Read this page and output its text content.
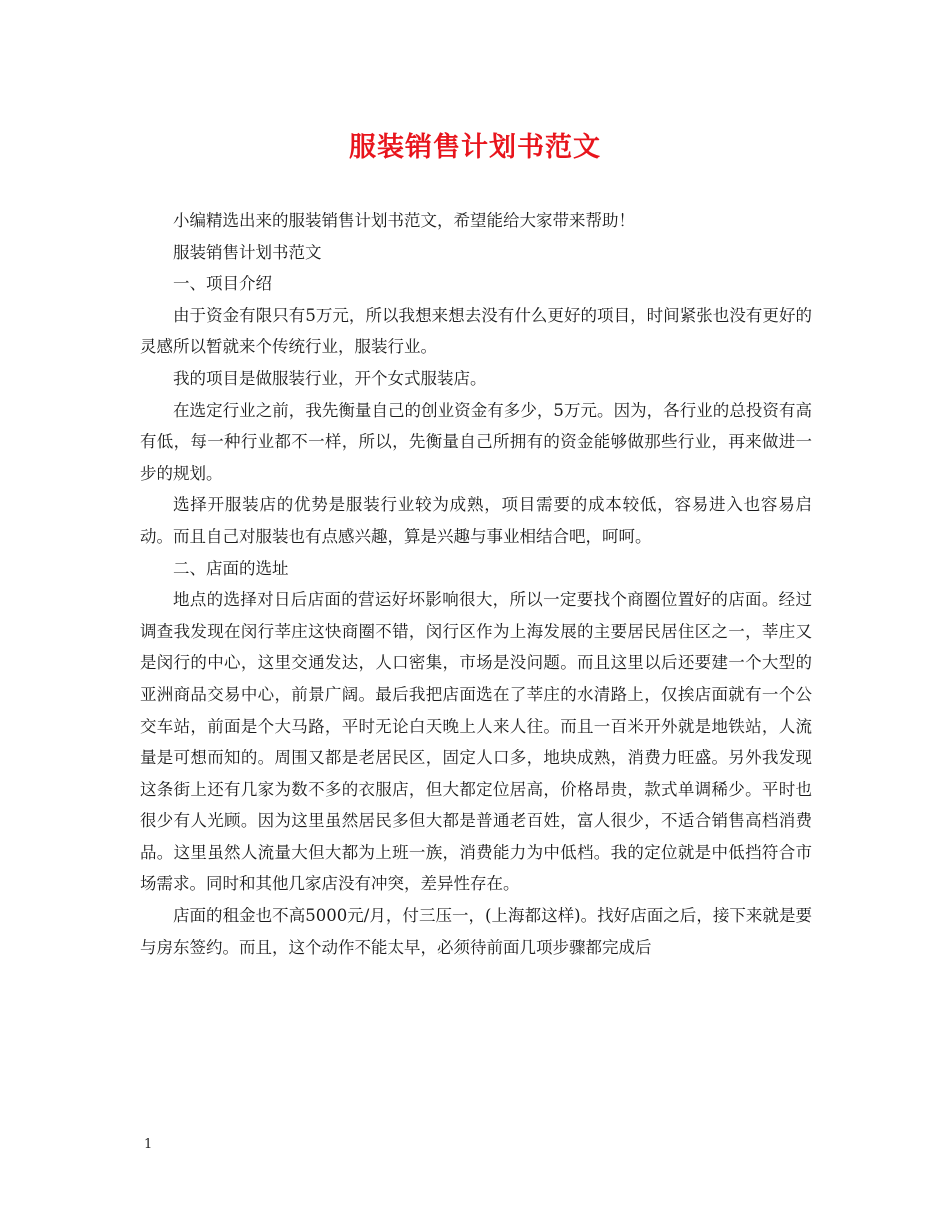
服装销售计划书范文

小编精选出来的服装销售计划书范文，希望能给大家带来帮助！

服装销售计划书范文

一、项目介绍

由于资金有限只有5万元，所以我想来想去没有什么更好的项目，时间紧张也没有更好的灵感所以暂就来个传统行业，服装行业。

我的项目是做服装行业，开个女式服装店。

在选定行业之前，我先衡量自己的创业资金有多少，5万元。因为，各行业的总投资有高有低，每一种行业都不一样，所以，先衡量自己所拥有的资金能够做那些行业，再来做进一步的规划。

选择开服装店的优势是服装行业较为成熟，项目需要的成本较低，容易进入也容易启动。而且自己对服装也有点感兴趣，算是兴趣与事业相结合吧，呵呵。

二、店面的选址

地点的选择对日后店面的营运好坏影响很大，所以一定要找个商圈位置好的店面。经过调查我发现在闵行莘庄这快商圈不错，闵行区作为上海发展的主要居民居住区之一，莘庄又是闵行的中心，这里交通发达，人口密集，市场是没问题。而且这里以后还要建一个大型的亚洲商品交易中心，前景广阔。最后我把店面选在了莘庄的水清路上，仅挨店面就有一个公交车站，前面是个大马路，平时无论白天晚上人来人往。而且一百米开外就是地铁站，人流量是可想而知的。周围又都是老居民区，固定人口多，地块成熟，消费力旺盛。另外我发现这条街上还有几家为数不多的衣服店，但大都定位居高，价格昂贵，款式单调稀少。平时也很少有人光顾。因为这里虽然居民多但大都是普通老百姓，富人很少，不适合销售高档消费品。这里虽然人流量大但大都为上班一族，消费能力为中低档。我的定位就是中低挡符合市场需求。同时和其他几家店没有冲突，差异性存在。

店面的租金也不高5000元/月，付三压一，(上海都这样)。找好店面之后，接下来就是要与房东签约。而且，这个动作不能太早，必须待前面几项步骤都完成后

1
